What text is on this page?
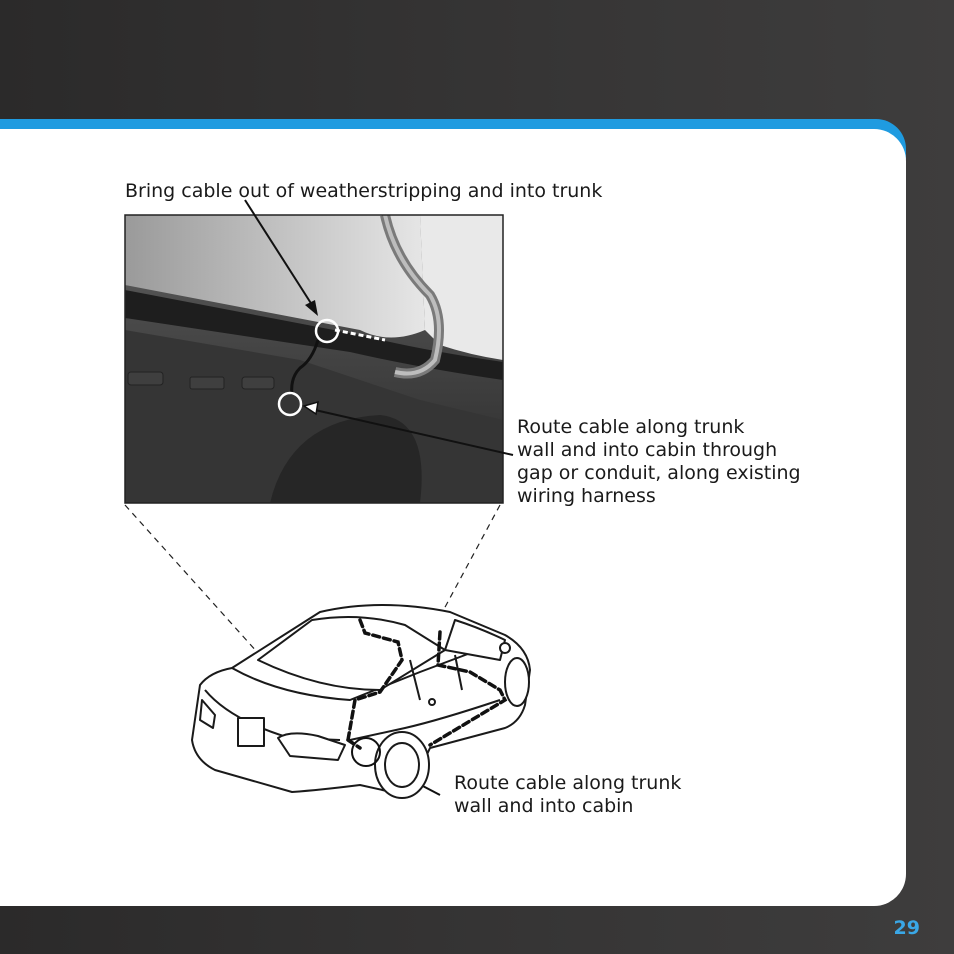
Bring cable out of weatherstripping and into trunk
Route cable along trunk
wall and into cabin through
gap or conduit, along existing
wiring harness
Route cable along trunk
wall and into cabin
29
